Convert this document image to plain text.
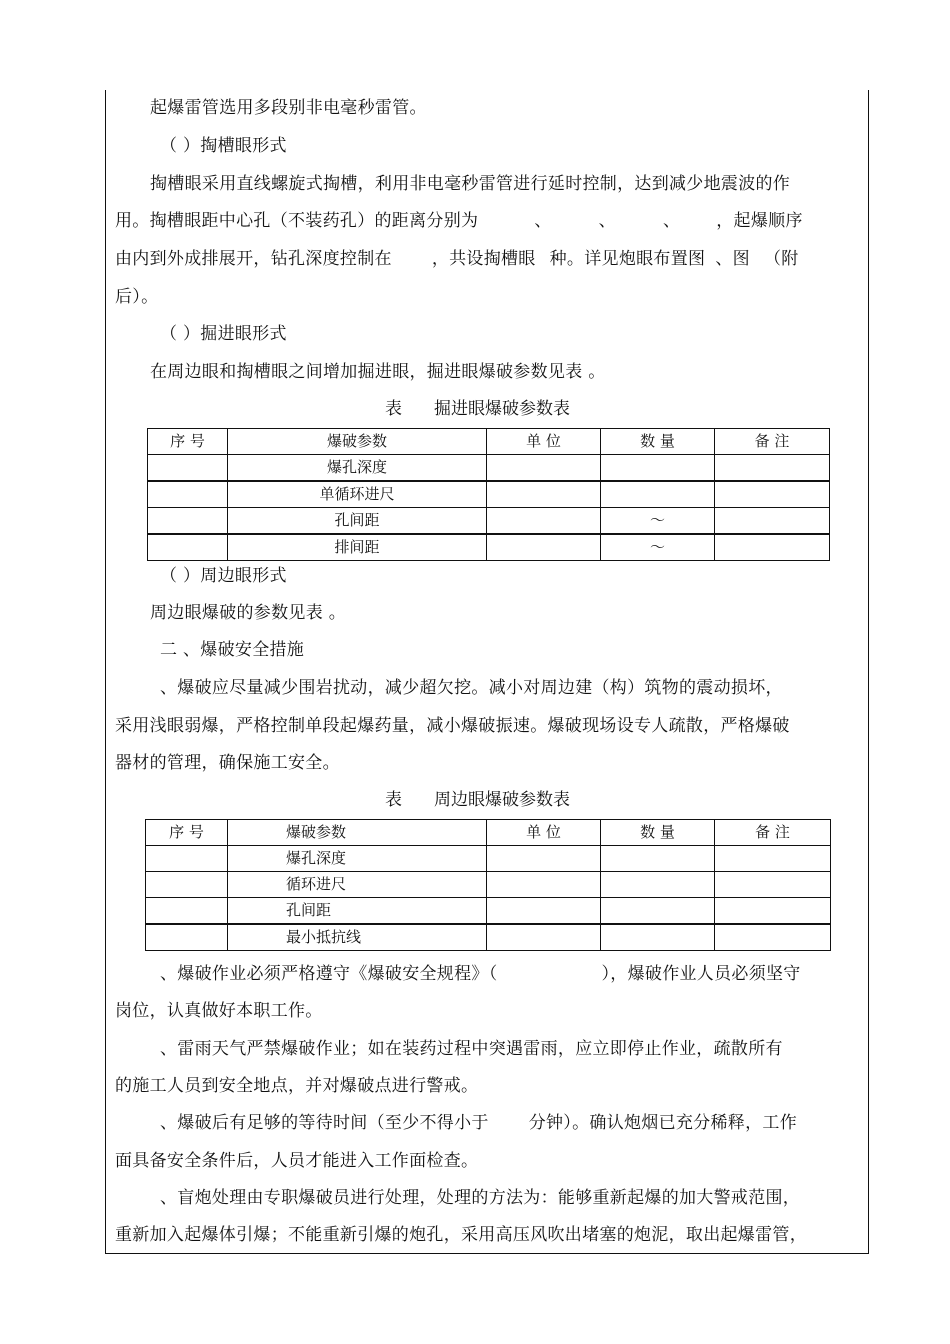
起爆雷管选用多段别非电毫秒雷管。
（ ）掏槽眼形式
掏槽眼采用直线螺旋式掏槽，利用非电毫秒雷管进行延时控制，达到减少地震波的作
用。掏槽眼距中心孔（不装药孔）的距离分别为	、	、	、 ，起爆顺序
由内到外成排展开，钻孔深度控制在 ，共设掏槽眼 种。详见炮眼布置图 、图 （附
后）。
（ ）掘进眼形式
在周边眼和掏槽眼之间增加掘进眼，掘进眼爆破参数见表 。
表 掘进眼爆破参数表
序 号	爆破参数	单 位	数 量	备 注
	爆孔深度			
	单循环进尺			
	孔间距		～	
	排间距		～	
（ ）周边眼形式
周边眼爆破的参数见表 。
二 、爆破安全措施
、爆破应尽量减少围岩扰动，减少超欠挖。减小对周边建（构）筑物的震动损坏，
采用浅眼弱爆，严格控制单段起爆药量，减小爆破振速。爆破现场设专人疏散，严格爆破
器材的管理，确保施工安全。
表 周边眼爆破参数表
序 号	爆破参数	单 位	数 量	备 注
	爆孔深度			
	循环进尺			
	孔间距			
	最小抵抗线			
、爆破作业必须严格遵守《爆破安全规程》（	），爆破作业人员必须坚守
岗位，认真做好本职工作。
、雷雨天气严禁爆破作业；如在装药过程中突遇雷雨，应立即停止作业，疏散所有
的施工人员到安全地点，并对爆破点进行警戒。
、爆破后有足够的等待时间（至少不得小于 分钟）。确认炮烟已充分稀释，工作
面具备安全条件后，人员才能进入工作面检查。
、盲炮处理由专职爆破员进行处理，处理的方法为：能够重新起爆的加大警戒范围，
重新加入起爆体引爆；不能重新引爆的炮孔，采用高压风吹出堵塞的炮泥，取出起爆雷管，
